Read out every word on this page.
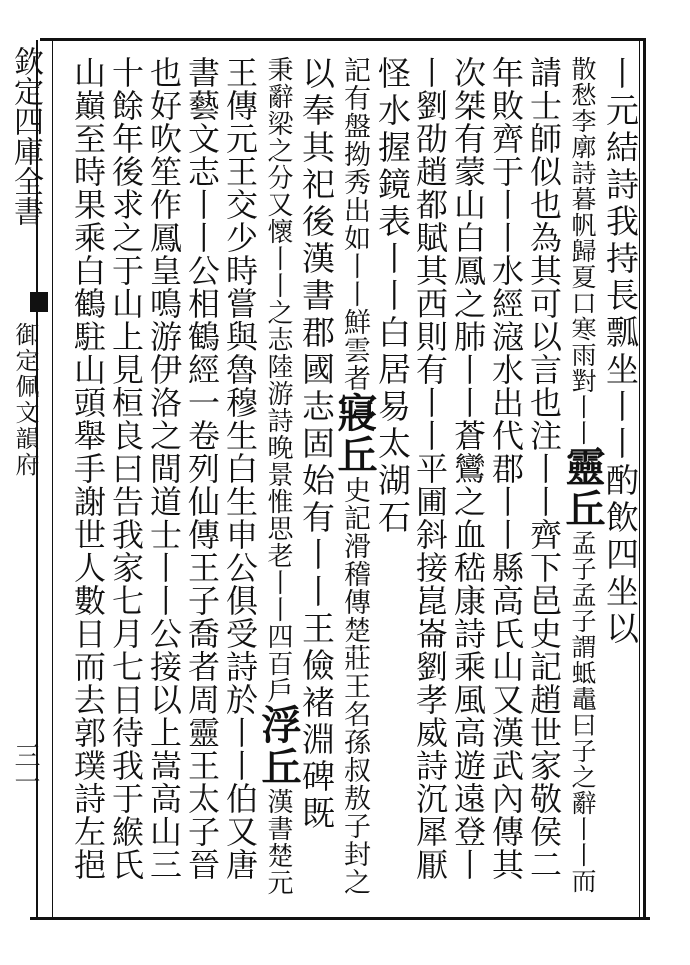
欽定四庫全書
御定佩文韻府
三一
丨元結詩我持長瓢坐丨丨酌飲四坐以
散愁李廓詩暮帆歸夏口寒雨對丨丨靈丘孟子孟子謂蚳鼃曰子之辭丨丨而
請士師似也為其可以言也注丨丨齊下邑史記趙世家敬侯二
年敗齊于丨丨水經滱水出代郡丨丨縣高氏山又漢武內傳其
次桀有蒙山白鳳之肺丨丨蒼鸞之血嵇康詩乘風高遊遠登丨
丨劉劭趙都賦其西則有丨丨平圃斜接崑崙劉孝威詩沉犀厭
怪水握鏡表丨丨白居易太湖石
記有盤拗秀出如丨丨鮮雲者寢丘史記滑稽傳楚莊王名孫叔敖子封之
以奉其祀後漢書郡國志固始有丨丨王儉褚淵碑既
秉辭梁之分又懷丨丨之志陸游詩晚景惟思老丨丨四百戶浮丘漢書楚元
王傳元王交少時嘗與魯穆生白生申公俱受詩於丨丨伯又唐
書藝文志丨丨公相鶴經一卷列仙傳王子喬者周靈王太子晉
也好吹笙作鳳皇鳴游伊洛之間道士丨丨公接以上嵩高山三
十餘年後求之于山上見桓良曰告我家七月七日待我于緱氏
山巔至時果乘白鶴駐山頭舉手謝世人數日而去郭璞詩左挹
